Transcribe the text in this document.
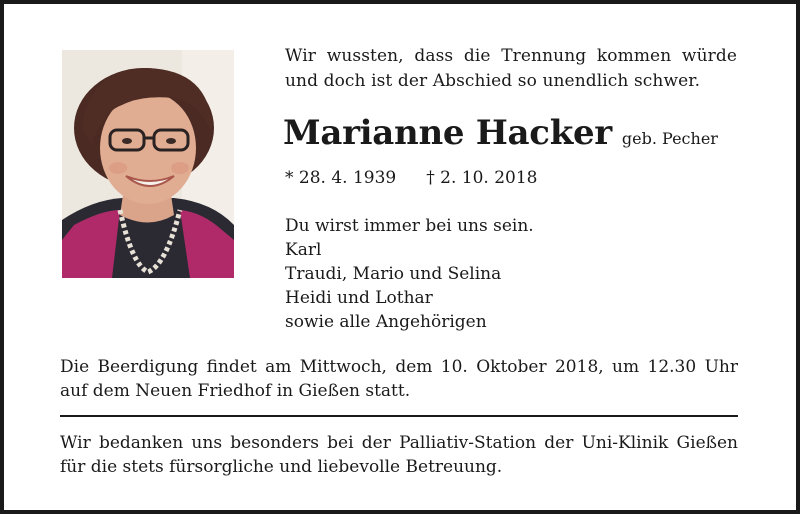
Wir wussten, dass die Trennung kommen würde
und doch ist der Abschied so unendlich schwer.
Marianne Hacker geb. Pecher
* 28. 4. 1939 † 2. 10. 2018
Du wirst immer bei uns sein.
Karl
Traudi, Mario und Selina
Heidi und Lothar
sowie alle Angehörigen
Die Beerdigung findet am Mittwoch, dem 10. Oktober 2018, um 12.30 Uhr
auf dem Neuen Friedhof in Gießen statt.
Wir bedanken uns besonders bei der Palliativ-Station der Uni-Klinik Gießen
für die stets fürsorgliche und liebevolle Betreuung.
